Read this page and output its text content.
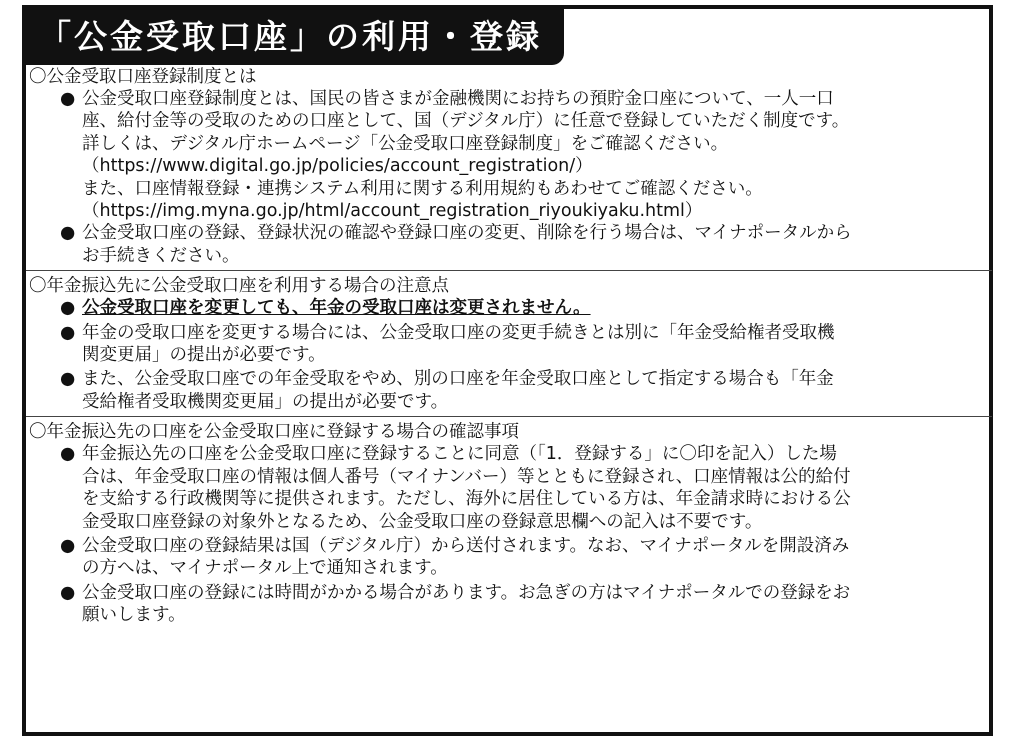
「公金受取口座」の利用・登録

〇公金受取口座登録制度とは

● 公金受取口座登録制度とは、国民の皆さまが金融機関にお持ちの預貯金口座について、一人一口
座、給付金等の受取のための口座として、国（デジタル庁）に任意で登録していただく制度です。
詳しくは、デジタル庁ホームページ「公金受取口座登録制度」をご確認ください。
（https://www.digital.go.jp/policies/account_registration/）
また、口座情報登録・連携システム利用に関する利用規約もあわせてご確認ください。
（https://img.myna.go.jp/html/account_registration_riyoukiyaku.html）
● 公金受取口座の登録、登録状況の確認や登録口座の変更、削除を行う場合は、マイナポータルから
お手続きください。

〇年金振込先に公金受取口座を利用する場合の注意点

● 公金受取口座を変更しても、年金の受取口座は変更されません。
● 年金の受取口座を変更する場合には、公金受取口座の変更手続きとは別に「年金受給権者受取機
関変更届」の提出が必要です。
● また、公金受取口座での年金受取をやめ、別の口座を年金受取口座として指定する場合も「年金
受給権者受取機関変更届」の提出が必要です。

〇年金振込先の口座を公金受取口座に登録する場合の確認事項

● 年金振込先の口座を公金受取口座に登録することに同意（「1．登録する」に〇印を記入）した場
合は、年金受取口座の情報は個人番号（マイナンバー）等とともに登録され、口座情報は公的給付
を支給する行政機関等に提供されます。ただし、海外に居住している方は、年金請求時における公
金受取口座登録の対象外となるため、公金受取口座の登録意思欄への記入は不要です。
● 公金受取口座の登録結果は国（デジタル庁）から送付されます。なお、マイナポータルを開設済み
の方へは、マイナポータル上で通知されます。
● 公金受取口座の登録には時間がかかる場合があります。お急ぎの方はマイナポータルでの登録をお
願いします。
